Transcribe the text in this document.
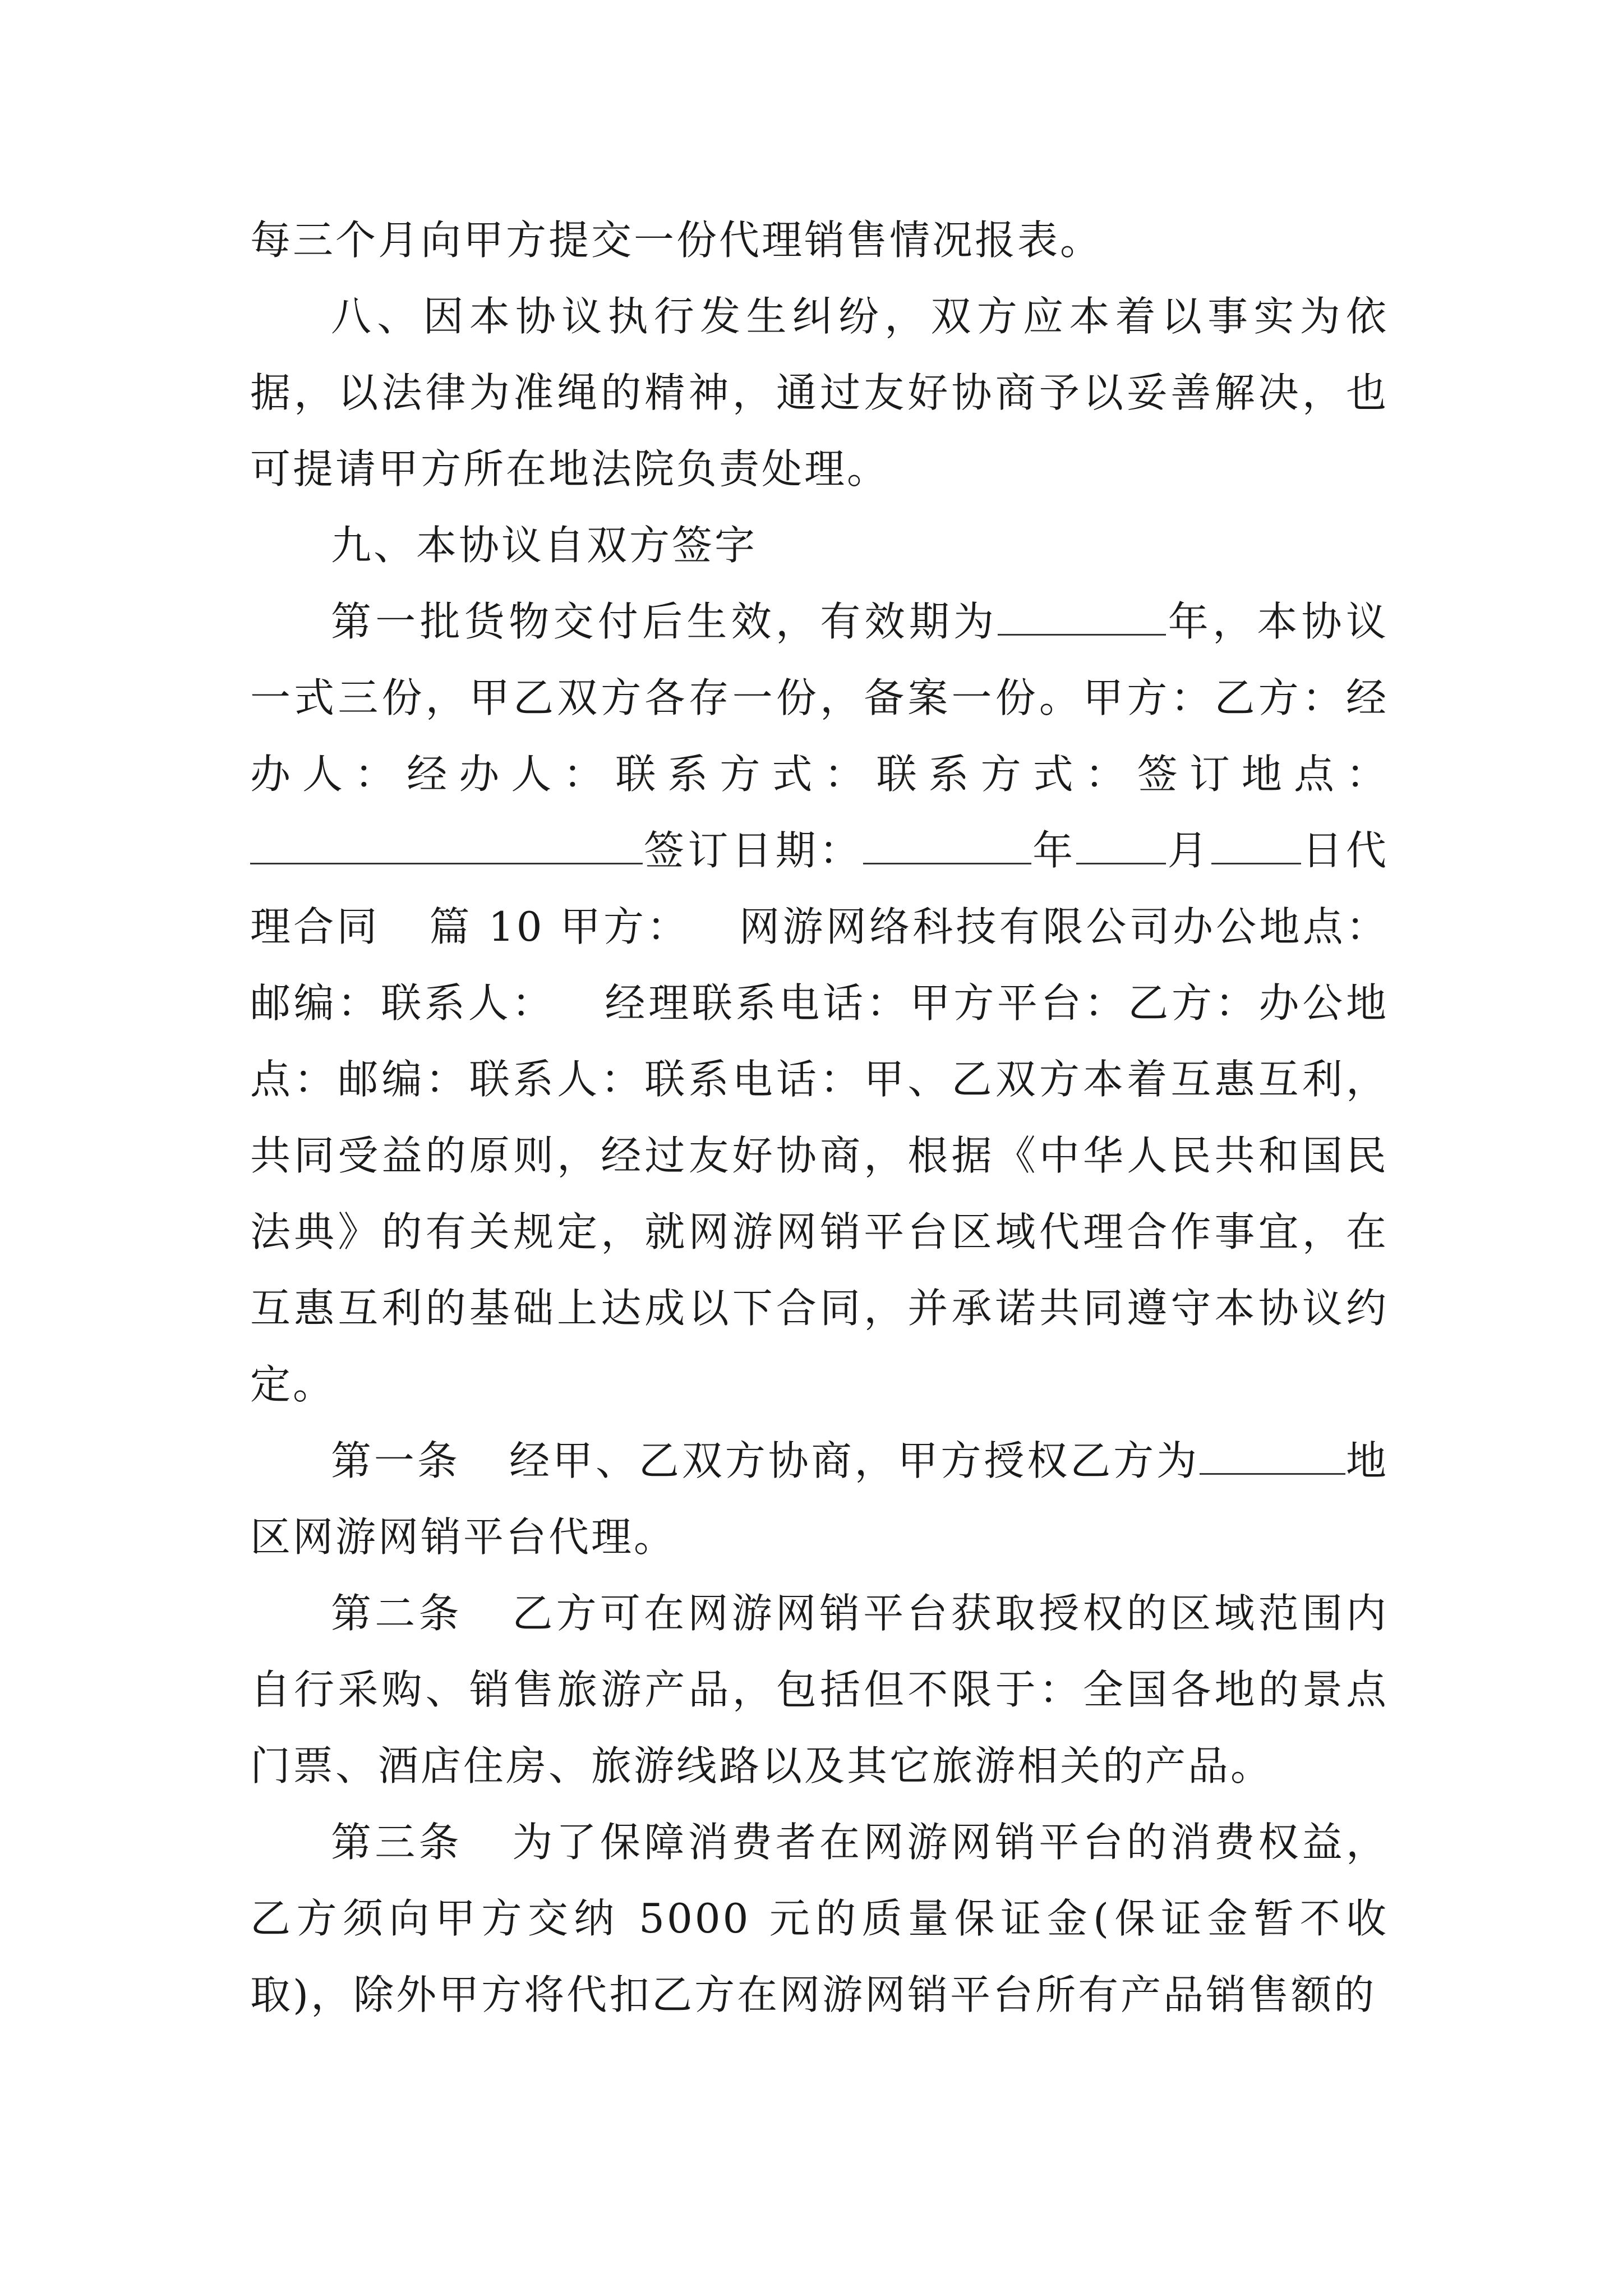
每三个月向甲方提交一份代理销售情况报表。

八、因本协议执行发生纠纷，双方应本着以事实为依据，以法律为准绳的精神，通过友好协商予以妥善解决，也可提请甲方所在地法院负责处理。

九、本协议自双方签字

第一批货物交付后生效，有效期为	年，本协议一式三份，甲乙双方各存一份，备案一份。甲方：乙方：经办人：经办人：联系方式：联系方式：签订地点：签订日期：	年 月 日代理合同 篇 10 甲方： 网游网络科技有限公司办公地点：邮编：联系人： 经理联系电话：甲方平台：乙方：办公地点：邮编：联系人：联系电话：甲、乙双方本着互惠互利，共同受益的原则，经过友好协商，根据《中华人民共和国民法典》的有关规定，就网游网销平台区域代理合作事宜，在互惠互利的基础上达成以下合同，并承诺共同遵守本协议约定。

第一条 经甲、乙双方协商，甲方授权乙方为	地区网游网销平台代理。

第二条 乙方可在网游网销平台获取授权的区域范围内自行采购、销售旅游产品，包括但不限于：全国各地的景点门票、酒店住房、旅游线路以及其它旅游相关的产品。

第三条 为了保障消费者在网游网销平台的消费权益，乙方须向甲方交纳 5000 元的质量保证金(保证金暂不收取)，除外甲方将代扣乙方在网游网销平台所有产品销售额的
